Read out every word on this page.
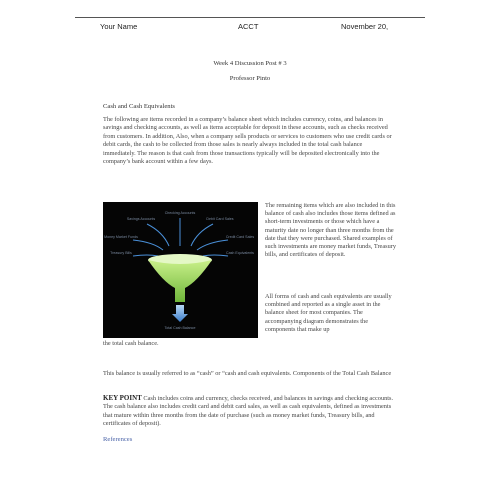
Your Name	ACCT	November 20,
Week 4 Discussion Post # 3
Professor Pinto
Cash and Cash Equivalents
The following are items recorded in a company’s balance sheet which includes currency, coins, and balances in savings and checking accounts, as well as items acceptable for deposit in these accounts, such as checks received from customers. In addition, Also, when a company sells products or services to customers who use credit cards or debit cards, the cash to be collected from those sales is nearly always included in the total cash balance immediately. The reason is that cash from those transactions typically will be deposited electronically into the company’s bank account within a few days.
Checking Accounts
Savings Accounts	Debit Card Sales
Money Market Funds	Credit Card Sales
Treasury Bills	Cash Equivalents
Total Cash Balance
The remaining items which are also included in this balance of cash also includes those items defined as short-term investments or those which have a maturity date no longer than three months from the date that they were purchased. Shared examples of such investments are money market funds, Treasury bills, and certificates of deposit.
All forms of cash and cash equivalents are usually combined and reported as a single asset in the balance sheet for most companies. The accompanying diagram demonstrates the components that make up
the total cash balance.
This balance is usually referred to as “cash” or “cash and cash equivalents. Components of the Total Cash Balance
KEY POINT Cash includes coins and currency, checks received, and balances in savings and checking accounts. The cash balance also includes credit card and debit card sales, as well as cash equivalents, defined as investments that mature within three months from the date of purchase (such as money market funds, Treasury bills, and certificates of deposit).
References
